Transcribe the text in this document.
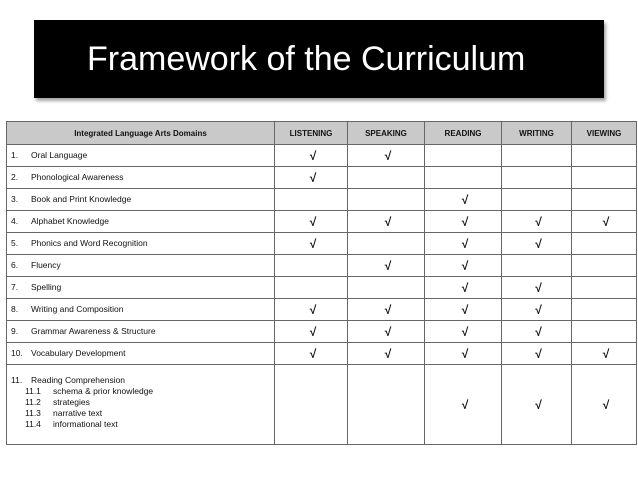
Framework of the Curriculum
Integrated Language Arts Domains	LISTENING	SPEAKING	READING	WRITING	VIEWING

1. Oral Language	√	√			

2. Phonological Awareness	√				

3. Book and Print Knowledge			√		

4. Alphabet Knowledge	√	√	√	√	√

5. Phonics and Word Recognition	√		√	√	

6. Fluency		√	√		

7. Spelling			√	√	

8. Writing and Composition	√	√	√	√	

9. Grammar Awareness & Structure	√	√	√	√	

10. Vocabulary Development	√	√	√	√	√

11. Reading Comprehension
11.1 schema & prior knowledge
11.2 strategies
11.3 narrative text
11.4 informational text			√	√	√
